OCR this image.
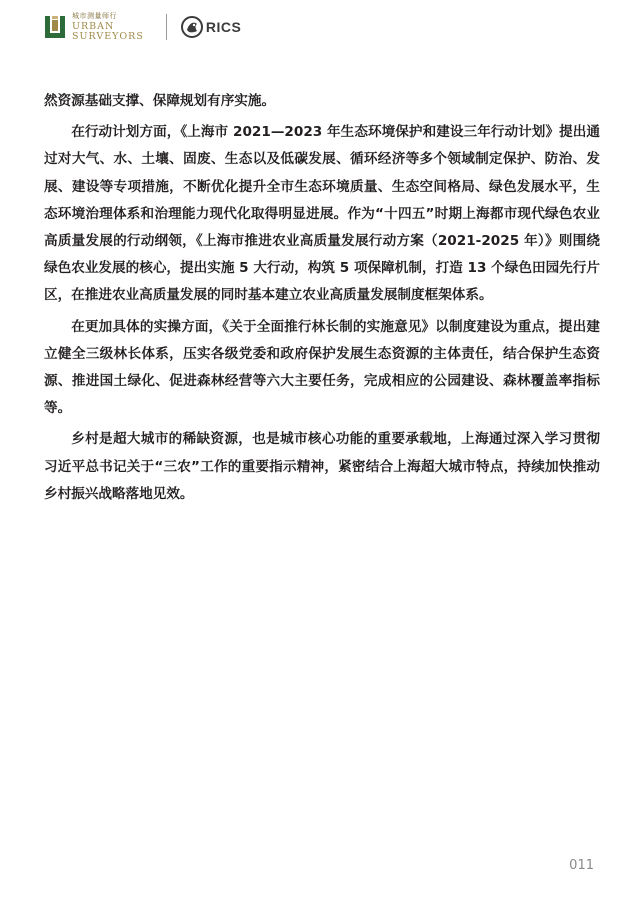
城市测量师行
URBAN
SURVEYORS
RICS

然资源基础支撑、保障规划有序实施。

在行动计划方面，《上海市 2021—2023 年生态环境保护和建设三年行动计划》提出通过对大气、水、土壤、固废、生态以及低碳发展、循环经济等多个领域制定保护、防治、发展、建设等专项措施，不断优化提升全市生态环境质量、生态空间格局、绿色发展水平，生态环境治理体系和治理能力现代化取得明显进展。作为“十四五”时期上海都市现代绿色农业高质量发展的行动纲领，《上海市推进农业高质量发展行动方案（2021-2025 年）》则围绕绿色农业发展的核心，提出实施 5 大行动，构筑 5 项保障机制，打造 13 个绿色田园先行片区，在推进农业高质量发展的同时基本建立农业高质量发展制度框架体系。

在更加具体的实操方面，《关于全面推行林长制的实施意见》以制度建设为重点，提出建立健全三级林长体系，压实各级党委和政府保护发展生态资源的主体责任，结合保护生态资源、推进国土绿化、促进森林经营等六大主要任务，完成相应的公园建设、森林覆盖率指标等。

乡村是超大城市的稀缺资源，也是城市核心功能的重要承载地，上海通过深入学习贯彻习近平总书记关于“三农”工作的重要指示精神，紧密结合上海超大城市特点，持续加快推动乡村振兴战略落地见效。

011
